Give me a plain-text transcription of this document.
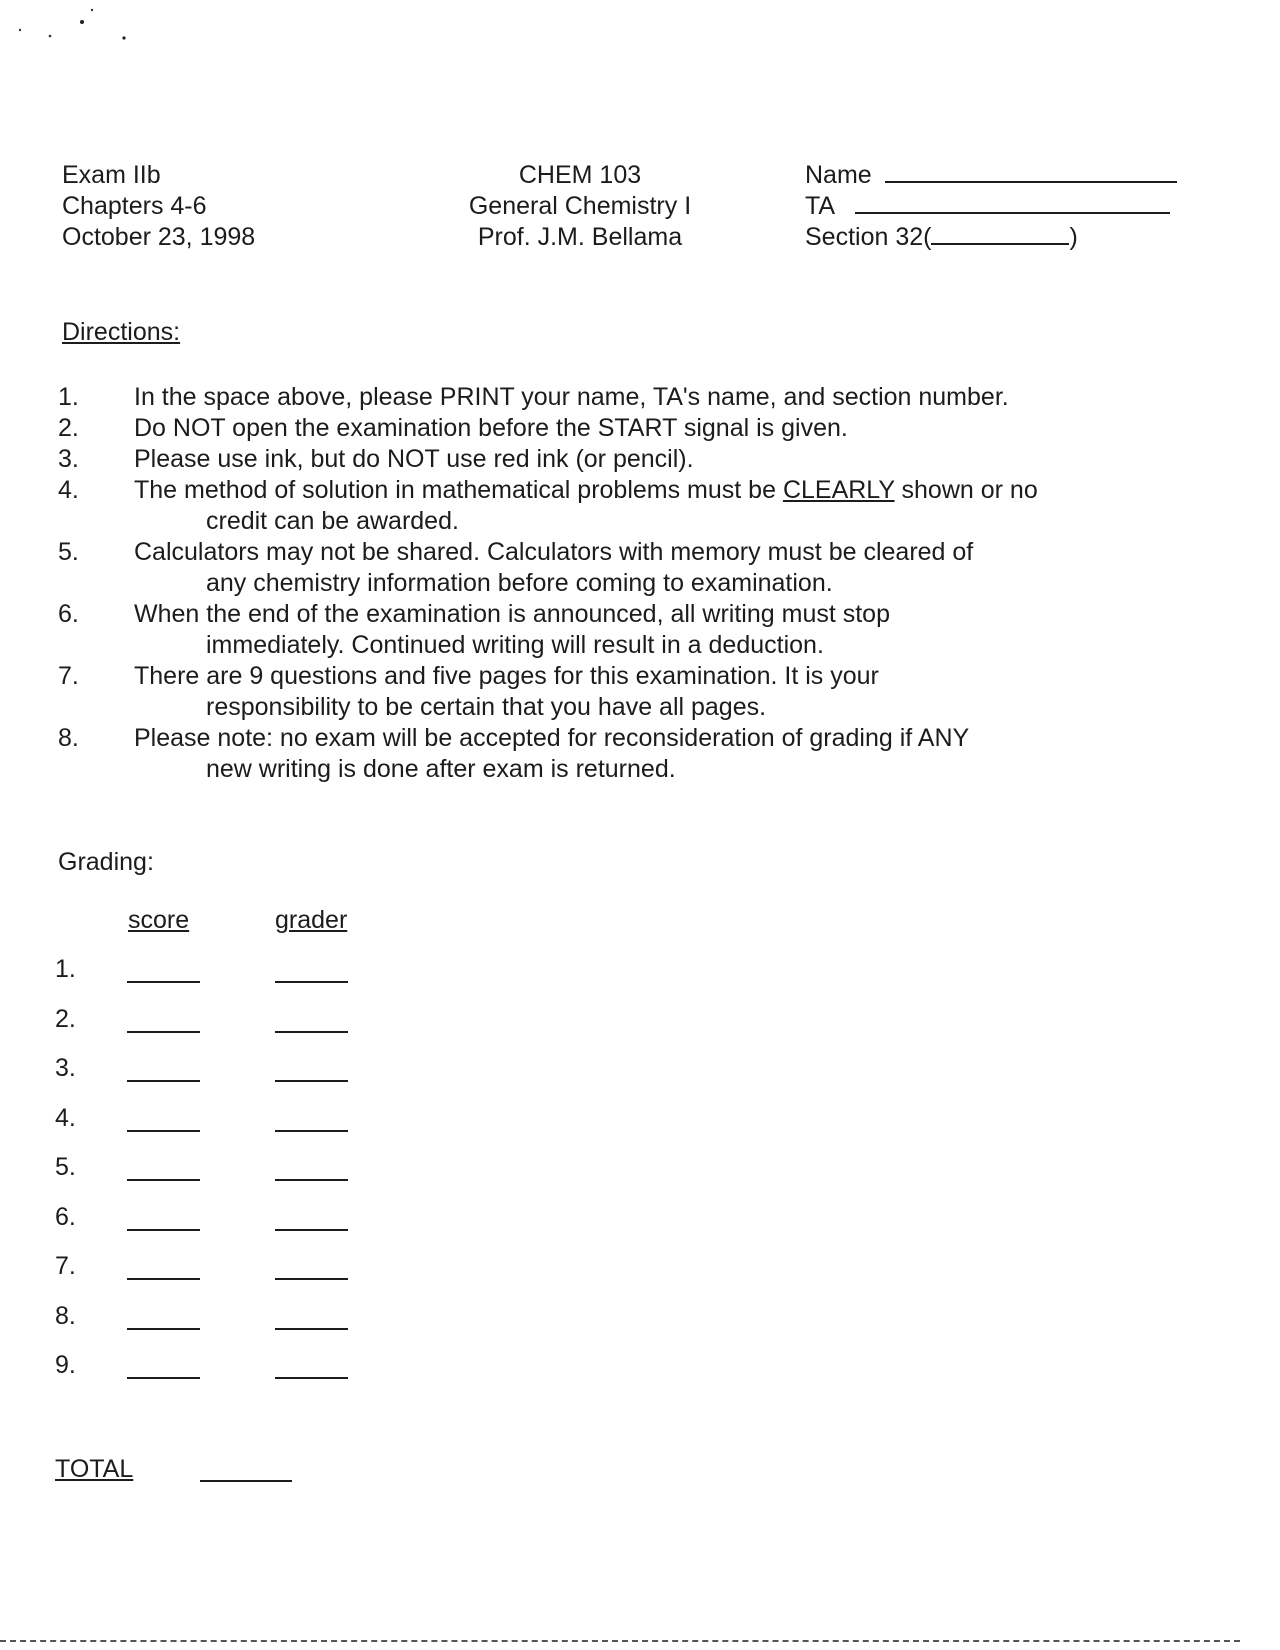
Exam IIb
Chapters 4-6
October 23, 1998
CHEM 103
General Chemistry I
Prof. J.M. Bellama
Name
TA
Section 32(	)
Directions:
1.	In the space above, please PRINT your name, TA's name, and section number.
2.	Do NOT open the examination before the START signal is given.
3.	Please use ink, but do NOT use red ink (or pencil).
4.	The method of solution in mathematical problems must be CLEARLY shown or no
credit can be awarded.
5.	Calculators may not be shared. Calculators with memory must be cleared of
any chemistry information before coming to examination.
6.	When the end of the examination is announced, all writing must stop
immediately. Continued writing will result in a deduction.
7.	There are 9 questions and five pages for this examination. It is your
responsibility to be certain that you have all pages.
8.	Please note: no exam will be accepted for reconsideration of grading if ANY
new writing is done after exam is returned.
Grading:
score	grader
1.
2.
3.
4.
5.
6.
7.
8.
9.
TOTAL
